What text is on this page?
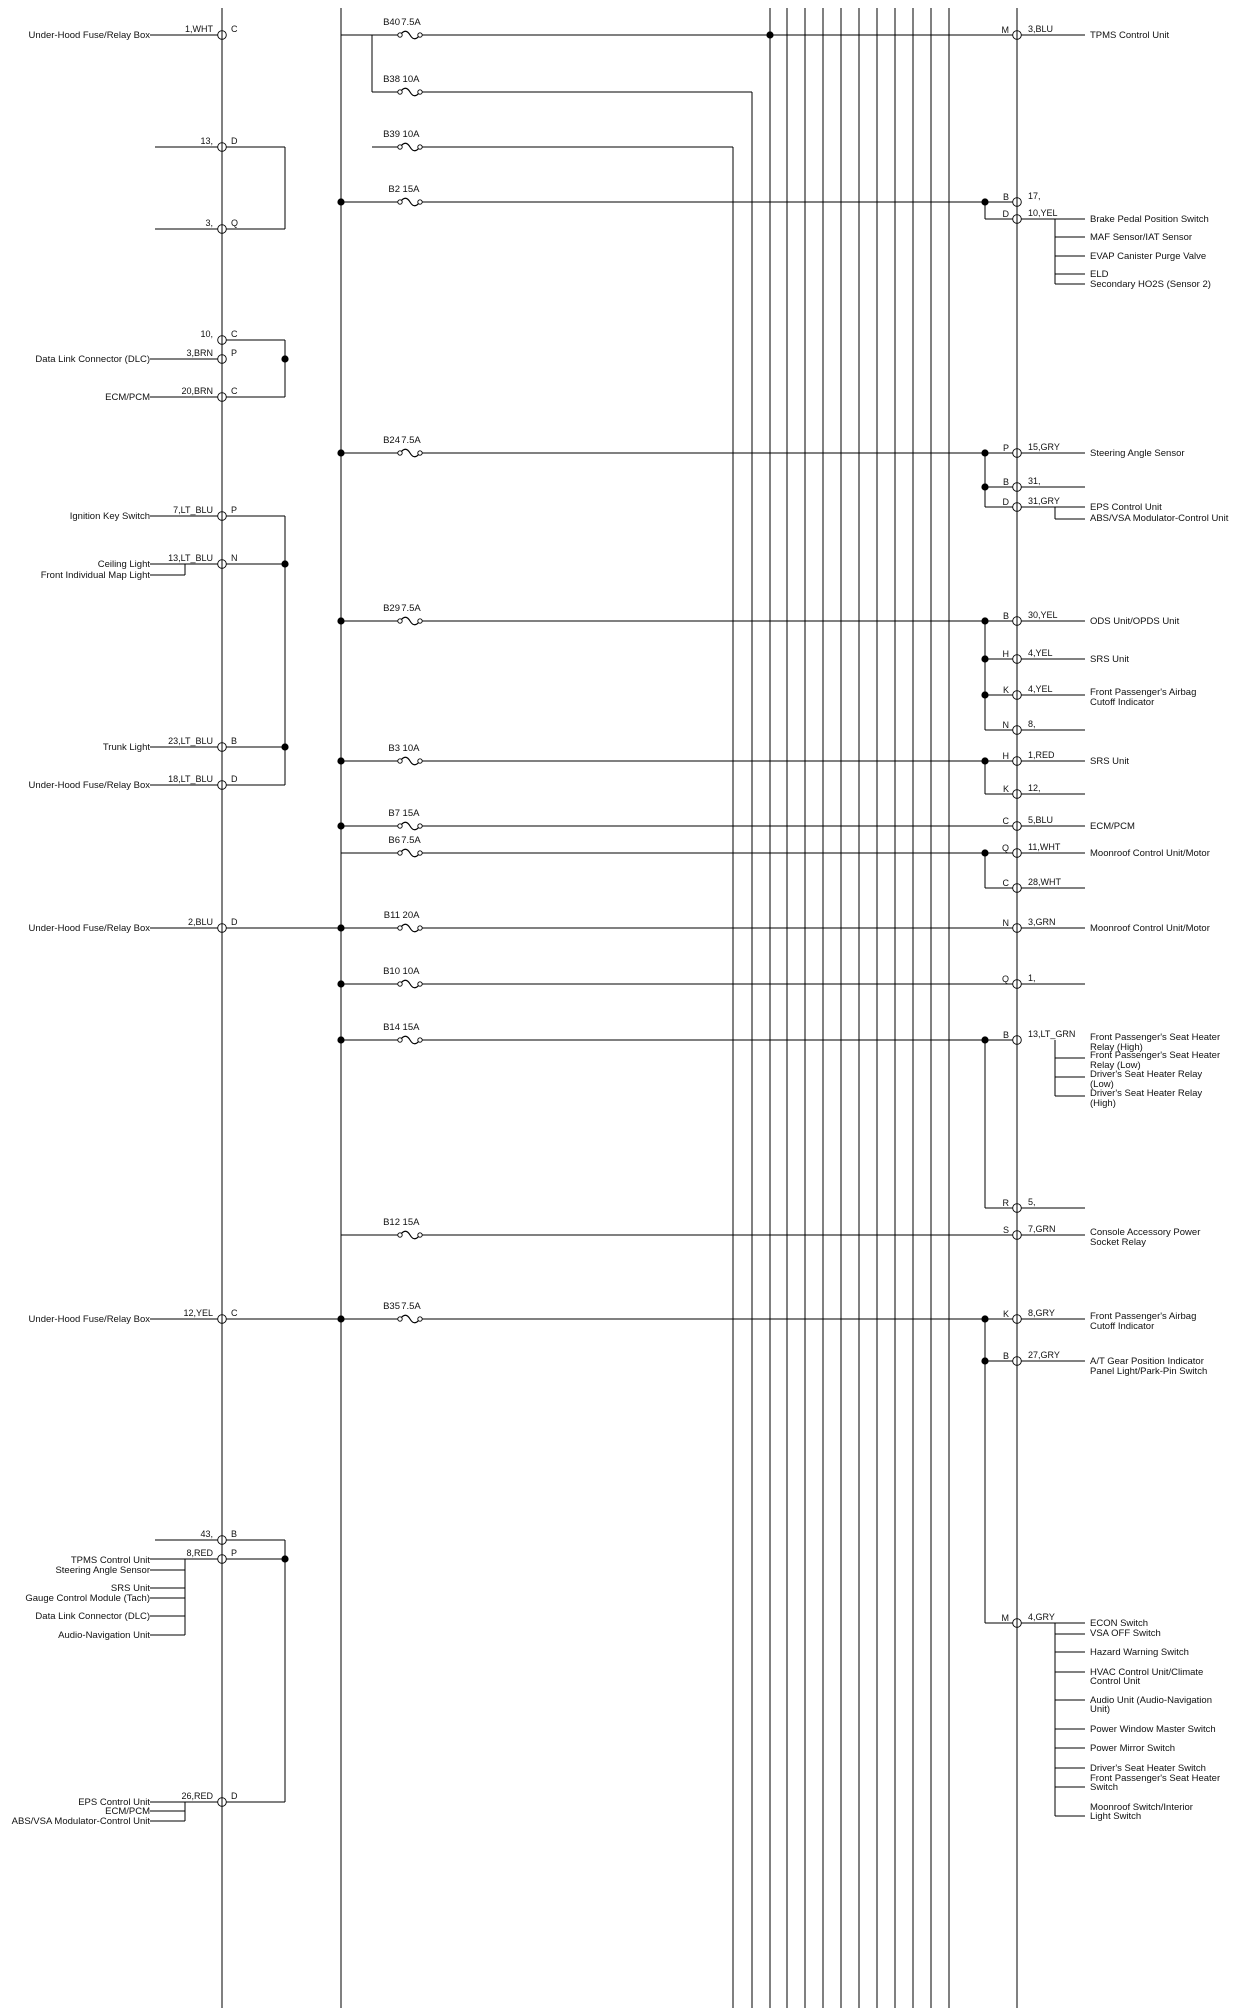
B40 7.5A
B38 10A
B39 10A
B2 15A
B24 7.5A
B29 7.5A
B3 10A
B7 15A
B6 7.5A
B11 20A
B10 10A
B14 15A
B12 15A
B35 7.5A
1,WHT C
13, D
3, Q
10, C
3,BRN P
20,BRN C
7,LT_BLU P
13,LT_BLU N
23,LT_BLU B
18,LT_BLU D
2,BLU D
12,YEL C
43, B
8,RED P
26,RED D
M 3,BLU
B 17,
D 10,YEL
P 15,GRY
B 31,
D 31,GRY
B 30,YEL
H 4,YEL
K 4,YEL
N 8,
H 1,RED
K 12,
C 5,BLU
Q 11,WHT
C 28,WHT
N 3,GRN
Q 1,
B 13,LT_GRN
R 5,
S 7,GRN
K 8,GRY
B 27,GRY
M 4,GRY
Under-Hood Fuse/Relay Box
Data Link Connector (DLC)
ECM/PCM
Ignition Key Switch
Ceiling Light
Front Individual Map Light
Trunk Light
Under-Hood Fuse/Relay Box
Under-Hood Fuse/Relay Box
Under-Hood Fuse/Relay Box
TPMS Control Unit
Steering Angle Sensor
SRS Unit
Gauge Control Module (Tach)
Data Link Connector (DLC)
Audio-Navigation Unit
EPS Control Unit
ECM/PCM
ABS/VSA Modulator-Control Unit
TPMS Control Unit
Brake Pedal Position Switch
MAF Sensor/IAT Sensor
EVAP Canister Purge Valve
ELD
Secondary HO2S (Sensor 2)
Steering Angle Sensor
EPS Control Unit
ABS/VSA Modulator-Control Unit
ODS Unit/OPDS Unit
SRS Unit
Front Passenger's Airbag
Cutoff Indicator
SRS Unit
ECM/PCM
Moonroof Control Unit/Motor
Moonroof Control Unit/Motor
Front Passenger's Seat Heater
Relay (High)
Front Passenger's Seat Heater
Relay (Low)
Driver's Seat Heater Relay
(Low)
Driver's Seat Heater Relay
(High)
Console Accessory Power
Socket Relay
Front Passenger's Airbag
Cutoff Indicator
A/T Gear Position Indicator
Panel Light/Park-Pin Switch
ECON Switch
VSA OFF Switch
Hazard Warning Switch
HVAC Control Unit/Climate
Control Unit
Audio Unit (Audio-Navigation
Unit)
Power Window Master Switch
Power Mirror Switch
Driver's Seat Heater Switch
Front Passenger's Seat Heater
Switch
Moonroof Switch/Interior
Light Switch
